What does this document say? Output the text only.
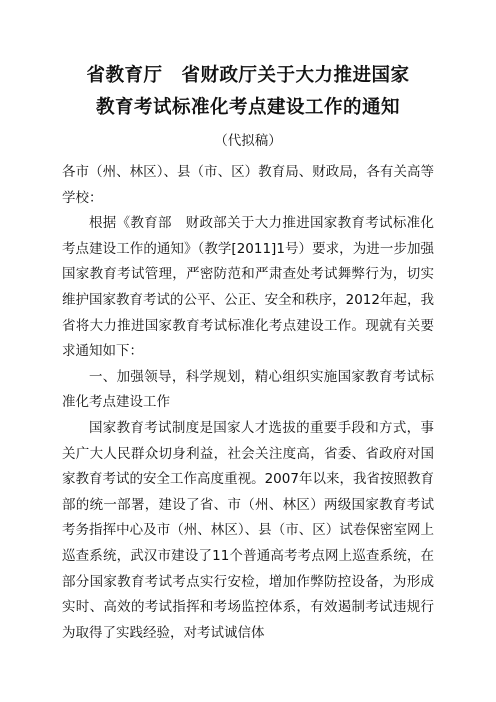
省教育厅　省财政厅关于大力推进国家
教育考试标准化考点建设工作的通知
（代拟稿）

各市（州、林区）、县（市、区）教育局、财政局，各有关高等学校：

根据《教育部　财政部关于大力推进国家教育考试标准化考点建设工作的通知》（教学[2011]1号）要求，为进一步加强国家教育考试管理，严密防范和严肃查处考试舞弊行为，切实维护国家教育考试的公平、公正、安全和秩序，2012年起，我省将大力推进国家教育考试标准化考点建设工作。现就有关要求通知如下：

一、加强领导，科学规划，精心组织实施国家教育考试标准化考点建设工作

国家教育考试制度是国家人才选拔的重要手段和方式，事关广大人民群众切身利益，社会关注度高，省委、省政府对国家教育考试的安全工作高度重视。2007年以来，我省按照教育部的统一部署，建设了省、市（州、林区）两级国家教育考试考务指挥中心及市（州、林区）、县（市、区）试卷保密室网上巡查系统，武汉市建设了11个普通高考考点网上巡查系统，在部分国家教育考试考点实行安检，增加作弊防控设备，为形成实时、高效的考试指挥和考场监控体系，有效遏制考试违规行为取得了实践经验，对考试诚信体
